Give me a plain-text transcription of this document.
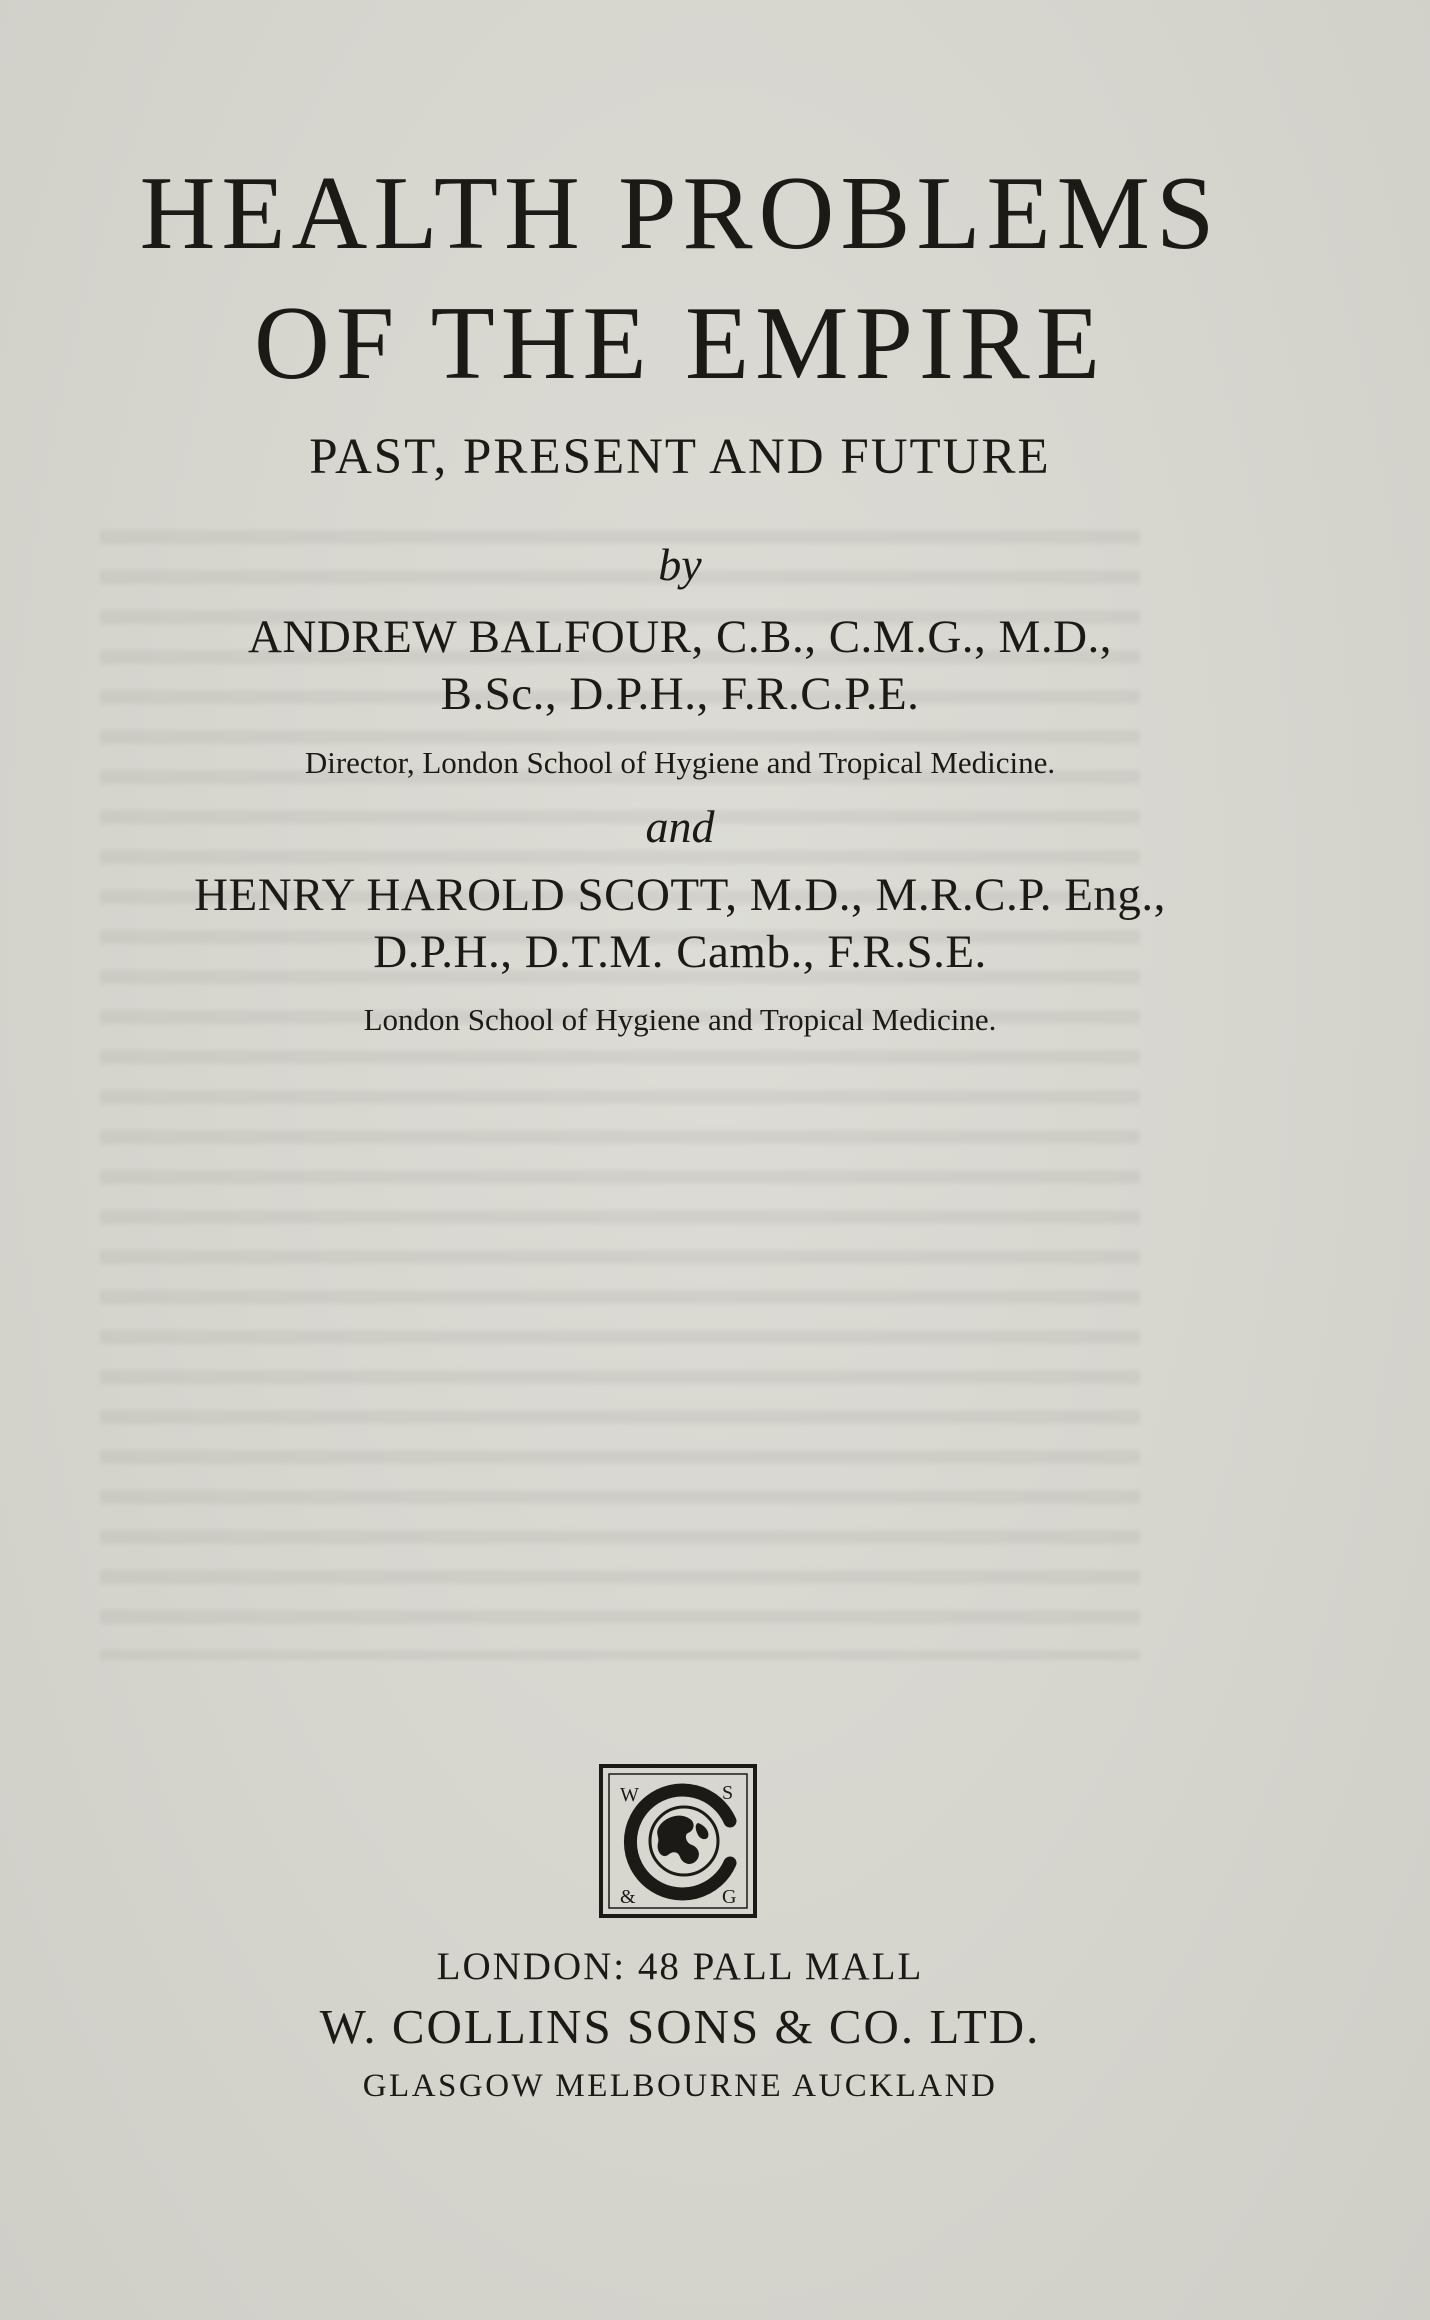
HEALTH PROBLEMS
OF THE EMPIRE
PAST, PRESENT AND FUTURE
by
ANDREW BALFOUR, C.B., C.M.G., M.D.,
B.Sc., D.P.H., F.R.C.P.E.
Director, London School of Hygiene and Tropical Medicine.
and
HENRY HAROLD SCOTT, M.D., M.R.C.P. Eng.,
D.P.H., D.T.M. Camb., F.R.S.E.
London School of Hygiene and Tropical Medicine.
W	S
&	G
LONDON: 48 PALL MALL
W. COLLINS SONS & CO. LTD.
GLASGOW MELBOURNE AUCKLAND
